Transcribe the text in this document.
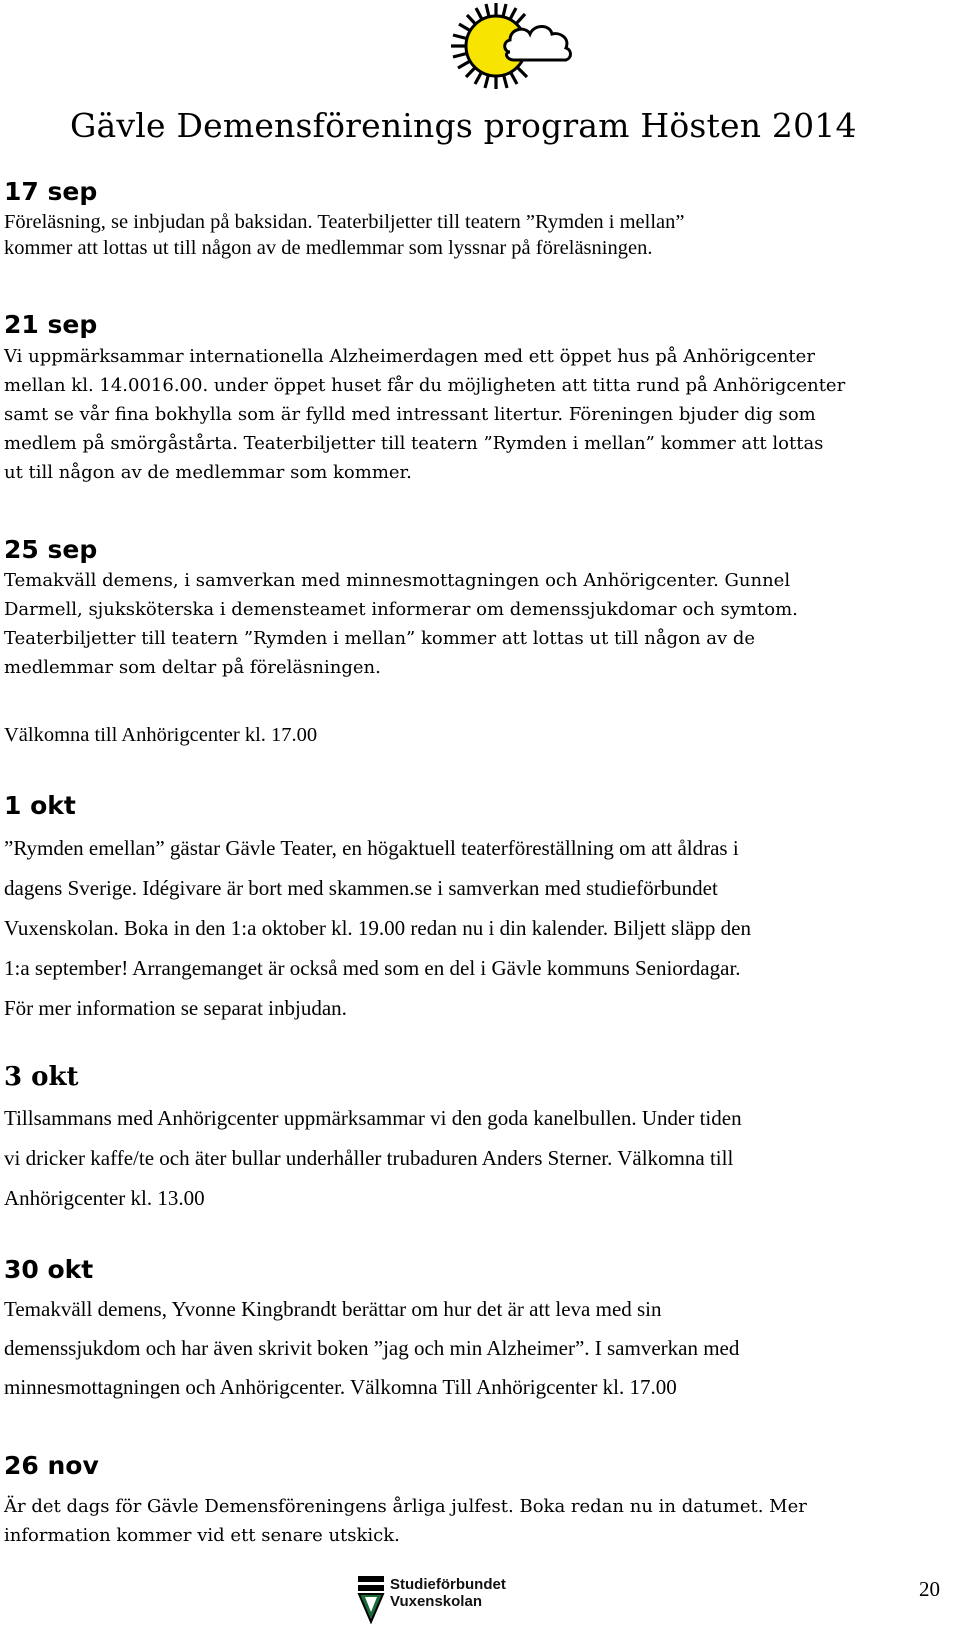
Gävle Demensförenings program Hösten 2014
17 sep
Föreläsning, se inbjudan på baksidan. Teaterbiljetter till teatern ”Rymden i mellan”
kommer att lottas ut till någon av de medlemmar som lyssnar på föreläsningen.
21 sep
Vi uppmärksammar internationella Alzheimerdagen med ett öppet hus på Anhörigcenter
mellan kl. 14.0016.00. under öppet huset får du möjligheten att titta rund på Anhörigcenter
samt se vår fina bokhylla som är fylld med intressant litertur. Föreningen bjuder dig som
medlem på smörgåstårta. Teaterbiljetter till teatern ”Rymden i mellan” kommer att lottas
ut till någon av de medlemmar som kommer.
25 sep
Temakväll demens, i samverkan med minnesmottagningen och Anhörigcenter. Gunnel
Darmell, sjuksköterska i demensteamet informerar om demenssjukdomar och symtom.
Teaterbiljetter till teatern ”Rymden i mellan” kommer att lottas ut till någon av de
medlemmar som deltar på föreläsningen.
Välkomna till Anhörigcenter kl. 17.00
1 okt
”Rymden emellan” gästar Gävle Teater, en högaktuell teaterföreställning om att åldras i
dagens Sverige. Idégivare är bort med skammen.se i samverkan med studieförbundet
Vuxenskolan. Boka in den 1:a oktober kl. 19.00 redan nu i din kalender. Biljett släpp den
1:a september! Arrangemanget är också med som en del i Gävle kommuns Seniordagar.
För mer information se separat inbjudan.
3 okt
Tillsammans med Anhörigcenter uppmärksammar vi den goda kanelbullen. Under tiden
vi dricker kaffe/te och äter bullar underhåller trubaduren Anders Sterner. Välkomna till
Anhörigcenter kl. 13.00
30 okt
Temakväll demens, Yvonne Kingbrandt berättar om hur det är att leva med sin
demenssjukdom och har även skrivit boken ”jag och min Alzheimer”. I samverkan med
minnesmottagningen och Anhörigcenter. Välkomna Till Anhörigcenter kl. 17.00
26 nov
Är det dags för Gävle Demensföreningens årliga julfest. Boka redan nu in datumet. Mer
information kommer vid ett senare utskick.
20
Studieförbundet
Vuxenskolan
